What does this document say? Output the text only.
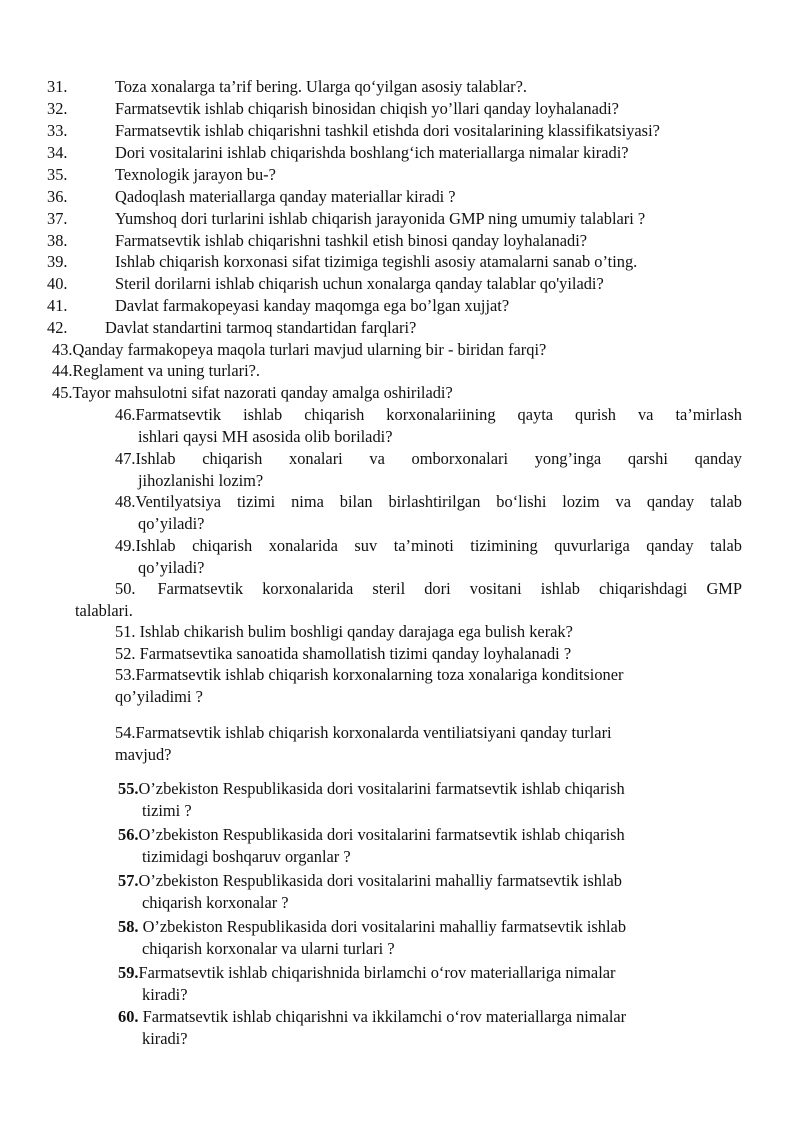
31.	Toza xonalarga ta’rif bering. Ularga qo‘yilgan asosiy talablar?.
32.	Farmatsevtik ishlab chiqarish binosidan chiqish yo’llari qanday loyhalanadi?
33.	Farmatsevtik ishlab chiqarishni tashkil etishda dori vositalarining klassifikatsiyasi?
34.	Dori vositalarini ishlab chiqarishda boshlang‘ich materiallarga nimalar kiradi?
35.	Texnologik jarayon bu-?
36.	Qadoqlash materiallarga qanday materiallar kiradi ?
37.	Yumshoq dori turlarini ishlab chiqarish jarayonida GMP ning umumiy talablari ?
38.	Farmatsevtik ishlab chiqarishni tashkil etish binosi qanday loyhalanadi?
39.	Ishlab chiqarish korxonasi sifat tizimiga tegishli asosiy atamalarni sanab o’ting.
40.	Steril dorilarni ishlab chiqarish uchun xonalarga qanday talablar qo'yiladi?
41.	Davlat farmakopeyasi kanday maqomga ega bo’lgan xujjat?
42. Davlat standartini tarmoq standartidan farqlari?
43.Qanday farmakopeya maqola turlari mavjud ularning bir - biridan farqi?
44.Reglament va uning turlari?.
45.Tayor mahsulotni sifat nazorati qanday amalga oshiriladi?
46.Farmatsevtik ishlab chiqarish korxonalariining qayta qurish va ta’mirlash
ishlari qaysi MH asosida olib boriladi?
47.Ishlab chiqarish xonalari va omborxonalari yong’inga qarshi qanday
jihozlanishi lozim?
48.Ventilyatsiya tizimi nima bilan birlashtirilgan bo‘lishi lozim va qanday talab
qo’yiladi?
49.Ishlab chiqarish xonalarida suv ta’minoti tizimining quvurlariga qanday talab
qo’yiladi?
50. Farmatsevtik korxonalarida steril dori vositani ishlab chiqarishdagi GMP
talablari.
51. Ishlab chikarish bulim boshligi qanday darajaga ega bulish kerak?
52. Farmatsevtika sanoatida shamollatish tizimi qanday loyhalanadi ?
53.Farmatsevtik ishlab chiqarish korxonalarning toza xonalariga konditsioner
qo’yiladimi ?
54.Farmatsevtik ishlab chiqarish korxonalarda ventiliatsiyani qanday turlari
mavjud?
55.O’zbekiston Respublikasida dori vositalarini farmatsevtik ishlab chiqarish
tizimi ?
56.O’zbekiston Respublikasida dori vositalarini farmatsevtik ishlab chiqarish
tizimidagi boshqaruv organlar ?
57.O’zbekiston Respublikasida dori vositalarini mahalliy farmatsevtik ishlab
chiqarish korxonalar ?
58. O’zbekiston Respublikasida dori vositalarini mahalliy farmatsevtik ishlab
chiqarish korxonalar va ularni turlari ?
59.Farmatsevtik ishlab chiqarishnida birlamchi o‘rov materiallariga nimalar
kiradi?
60. Farmatsevtik ishlab chiqarishni va ikkilamchi o‘rov materiallarga nimalar
kiradi?
